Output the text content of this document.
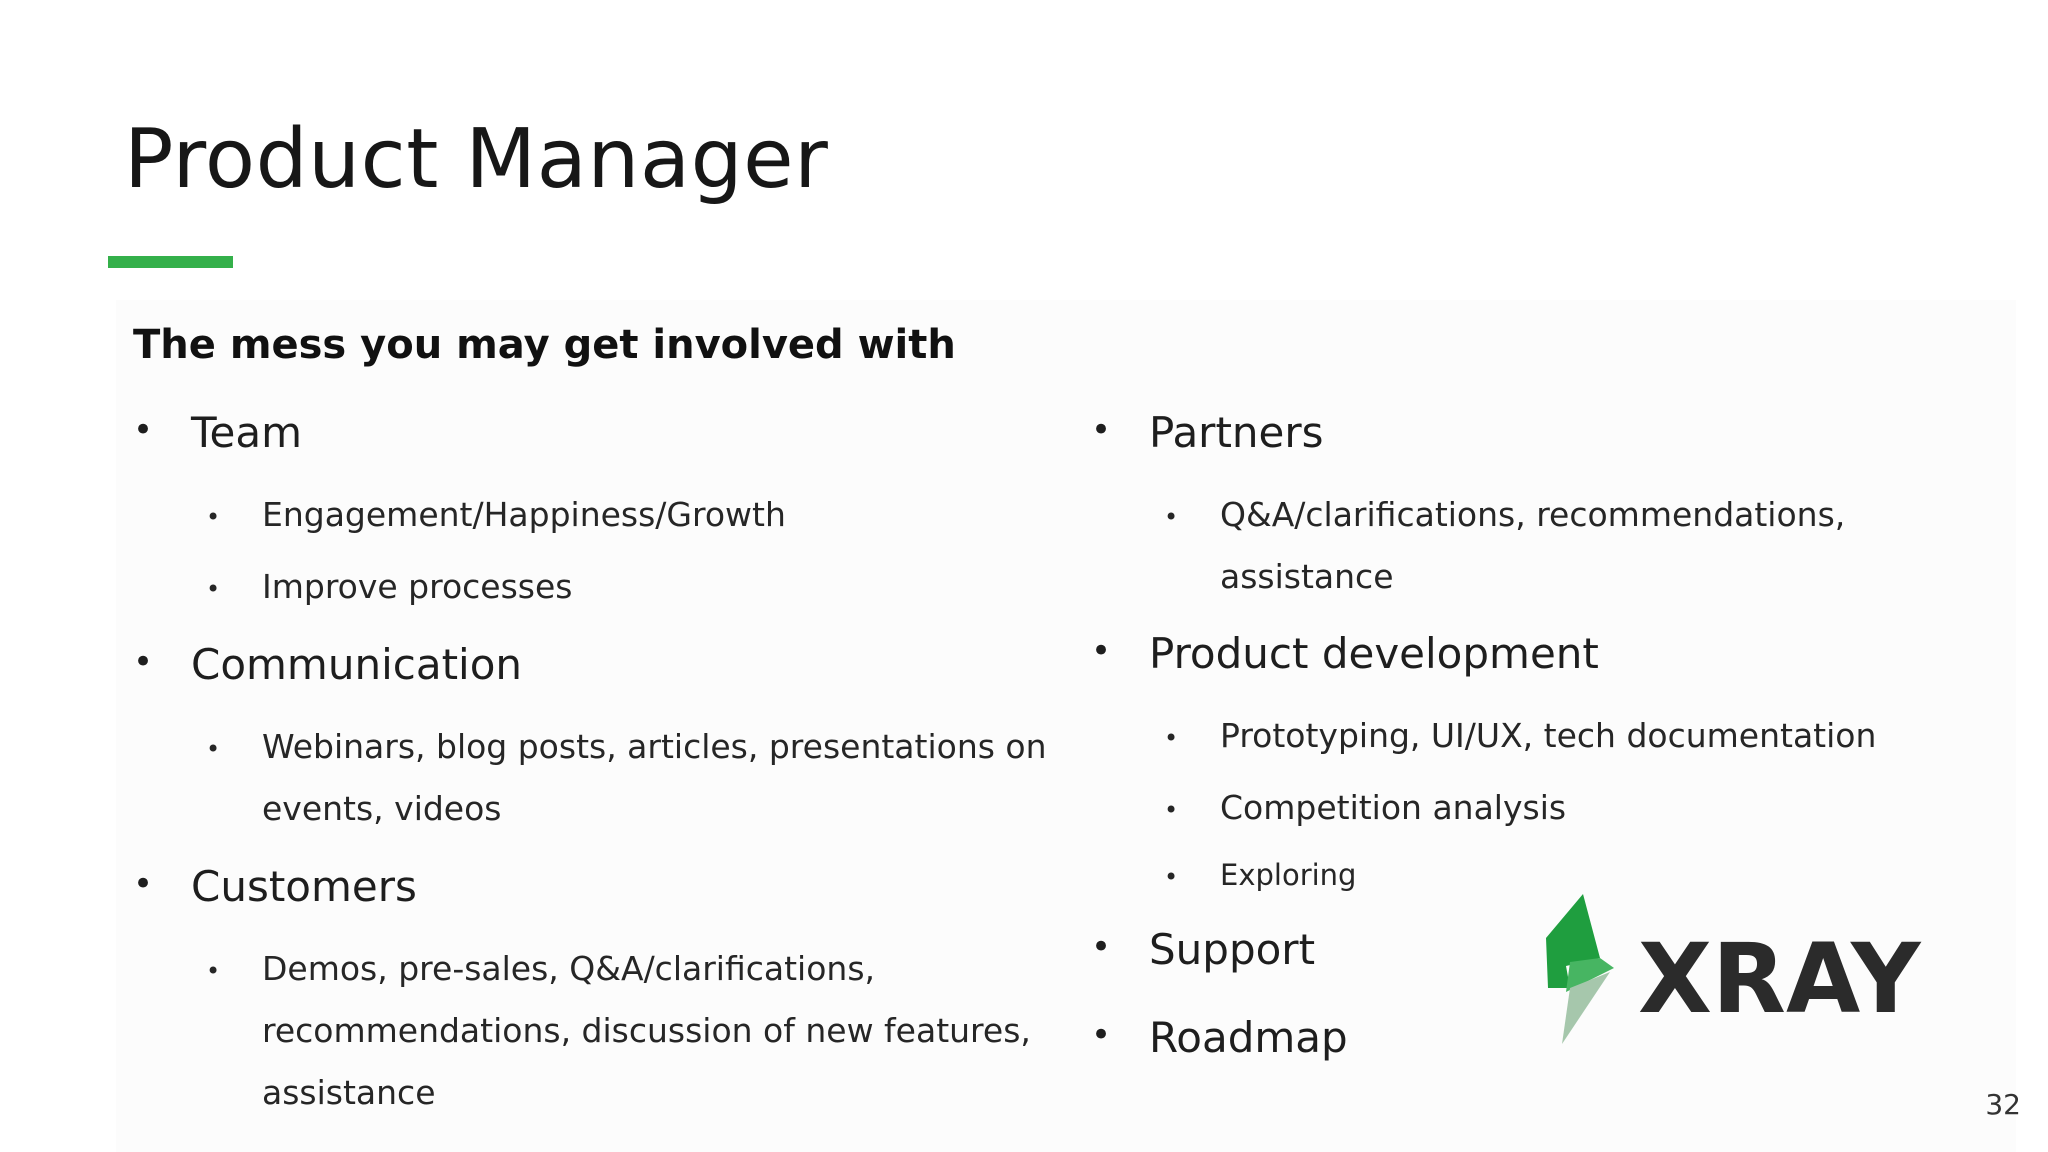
Product Manager
The mess you may get involved with
• Team
• Engagement/Happiness/Growth
• Improve processes
• Communication
• Webinars, blog posts, articles, presentations on events, videos
• Customers
• Demos, pre-sales, Q&A/clarifications, recommendations, discussion of new features, assistance
• Partners
• Q&A/clarifications, recommendations, assistance
• Product development
• Prototyping, UI/UX, tech documentation
• Competition analysis
• Exploring
• Support
• Roadmap
XRAY
32
